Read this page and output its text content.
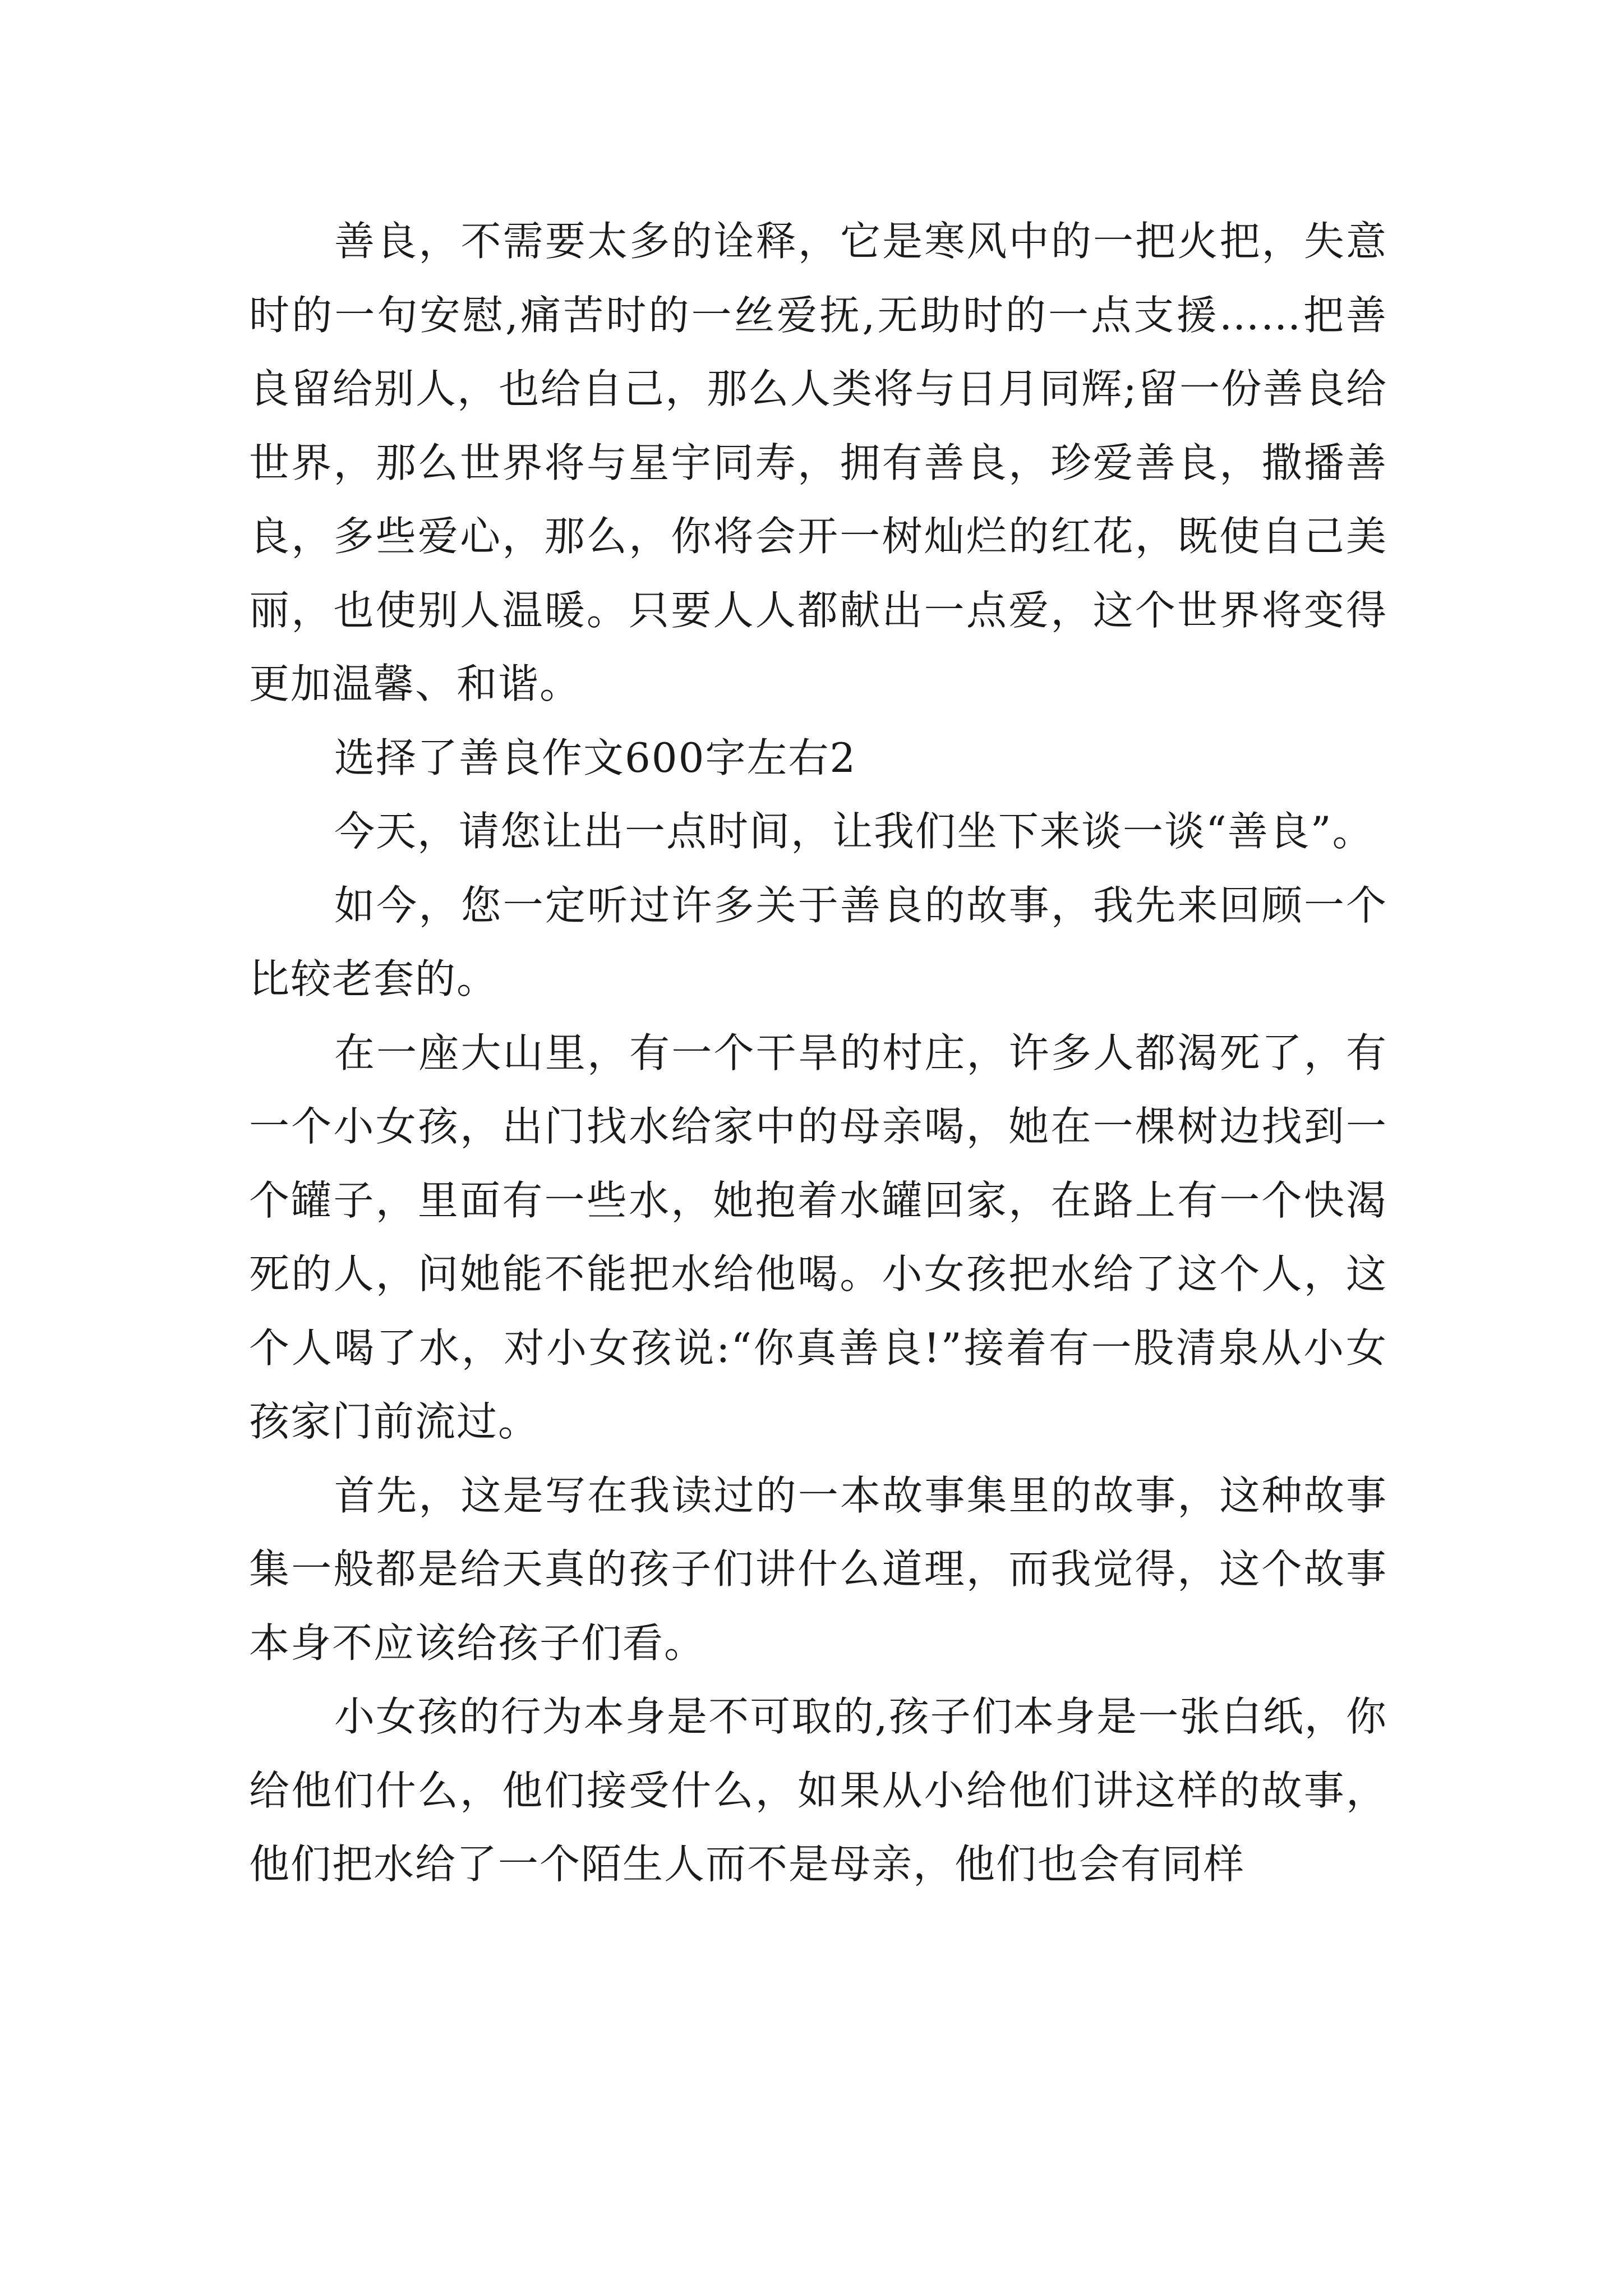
善良，不需要太多的诠释，它是寒风中的一把火把，失意时的一句安慰,痛苦时的一丝爱抚,无助时的一点支援……把善良留给别人，也给自己，那么人类将与日月同辉;留一份善良给世界，那么世界将与星宇同寿，拥有善良，珍爱善良，撒播善良，多些爱心，那么，你将会开一树灿烂的红花，既使自己美丽，也使别人温暖。只要人人都献出一点爱，这个世界将变得更加温馨、和谐。

选择了善良作文600字左右2

今天，请您让出一点时间，让我们坐下来谈一谈“善良”。

如今，您一定听过许多关于善良的故事，我先来回顾一个比较老套的。

在一座大山里，有一个干旱的村庄，许多人都渴死了，有一个小女孩，出门找水给家中的母亲喝，她在一棵树边找到一个罐子，里面有一些水，她抱着水罐回家，在路上有一个快渴死的人，问她能不能把水给他喝。小女孩把水给了这个人，这个人喝了水，对小女孩说:“你真善良!”接着有一股清泉从小女孩家门前流过。

首先，这是写在我读过的一本故事集里的故事，这种故事集一般都是给天真的孩子们讲什么道理，而我觉得，这个故事本身不应该给孩子们看。

小女孩的行为本身是不可取的,孩子们本身是一张白纸，你给他们什么，他们接受什么，如果从小给他们讲这样的故事，他们把水给了一个陌生人而不是母亲，他们也会有同样
